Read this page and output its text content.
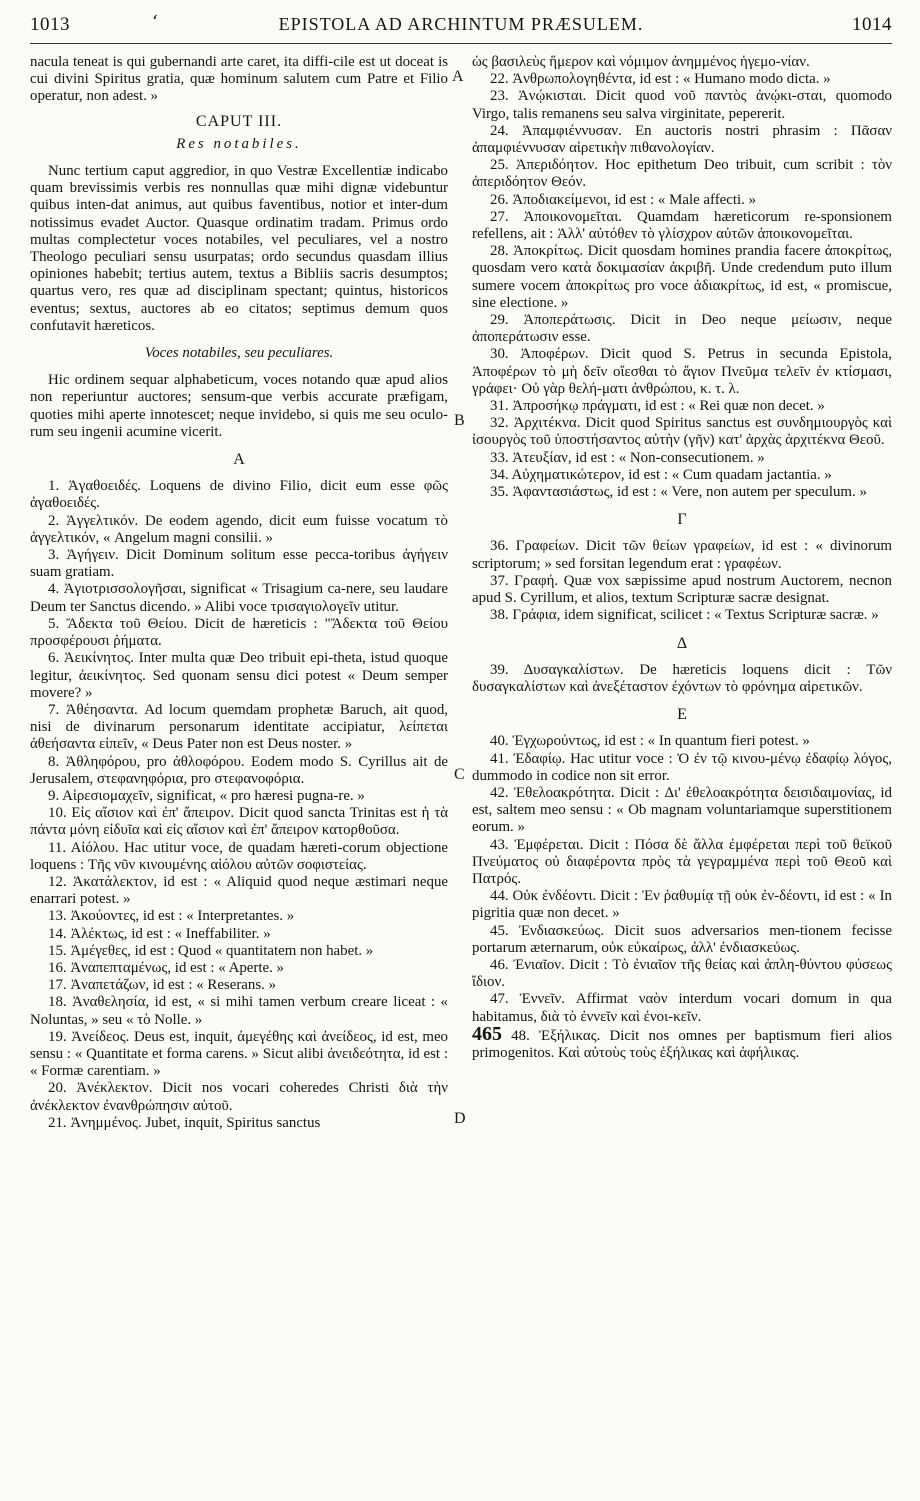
1013	ʻ	EPISTOLA AD ARCHINTUM PRÆSULEM.	1014
A
B
C
D

nacula teneat is qui gubernandi arte caret, ita diffi-cile est ut doceat is cui divini Spiritus gratia, quæ hominum salutem cum Patre et Filio operatur, non adest. »

CAPUT III.

Res notabiles.

Nunc tertium caput aggredior, in quo Vestræ Excellentiæ indicabo quam brevissimis verbis res nonnullas quæ mihi dignæ videbuntur quibus inten-dat animus, aut quibus faventibus, notior et inter-dum notissimus evadet Auctor. Quasque ordinatim tradam. Primus ordo multas complectetur voces notabiles, vel peculiares, vel a nostro Theologo peculiari sensu usurpatas; ordo secundus quasdam illius opiniones habebit; tertius autem, textus a Bibliis sacris desumptos; quartus vero, res quæ ad disciplinam spectant; quintus, historicos eventus; sextus, auctores ab eo citatos; septimus demum quos confutavit hæreticos.

Voces notabiles, seu peculiares.

Hic ordinem sequar alphabeticum, voces notando quæ apud alios non reperiuntur auctores; sensum-que verbis accurate præfigam, quoties mihi aperte innotescet; neque invidebo, si quis me seu oculo-rum seu ingenii acumine vicerit.

A

1. Ἀγαθοειδές. Loquens de divino Filio, dicit eum esse φῶς ἀγαθοειδές.

2. Ἀγγελτικόν. De eodem agendo, dicit eum fuisse vocatum τὸ ἀγγελτικόν, « Angelum magni consilii. »

3. Ἀγήγειν. Dicit Dominum solitum esse pecca-toribus ἀγήγειν suam gratiam.

4. Ἀγιοτρισσολογῆσαι, significat « Trisagium ca-nere, seu laudare Deum ter Sanctus dicendo. » Alibi voce τρισαγιολογεῖν utitur.

5. Ἄδεκτα τοῦ Θείου. Dicit de hæreticis : "Ἄδεκτα τοῦ Θείου προσφέρουσι ῥήματα.

6. Ἀεικίνητος. Inter multa quæ Deo tribuit epi-theta, istud quoque legitur, ἀεικίνητος. Sed quonam sensu dici potest « Deum semper movere? »

7. Ἀθέησαντα. Ad locum quemdam prophetæ Baruch, ait quod, nisi de divinarum personarum identitate accipiatur, λείπεται ἀθεήσαντα εἰπεῖν, « Deus Pater non est Deus noster. »

8. Ἀθληφόρου, pro ἀθλοφόρου. Eodem modo S. Cyrillus ait de Jerusalem, στεφανηφόρια, pro στεφανοφόρια.

9. Αἱρεσιομαχεῖν, significat, « pro hæresi pugna-re. »

10. Εἰς αἴσιον καὶ ἐπ' ἄπειρον. Dicit quod sancta Trinitas est ἡ τὰ πάντα μόνη εἰδυῖα καὶ εἰς αἴσιον καὶ ἐπ' ἄπειρον κατορθοῦσα.

11. Αἰόλου. Hac utitur voce, de quadam hæreti-corum objectione loquens : Τῆς νῦν κινουμένης αἰόλου αὐτῶν σοφιστείας.

12. Ἀκατάλεκτον, id est : « Aliquid quod neque æstimari neque enarrari potest. »

13. Ἀκούοντες, id est : « Interpretantes. »

14. Ἀλέκτως, id est : « Ineffabiliter. »

15. Ἀμέγεθες, id est : Quod « quantitatem non habet. »

16. Ἀναπεπταμένως, id est : « Aperte. »

17. Ἀναπετάζων, id est : « Reserans. »

18. Ἀναθελησία, id est, « si mihi tamen verbum creare liceat : « Noluntas, » seu « τὸ Nolle. »

19. Ἀνείδεος. Deus est, inquit, ἀμεγέθης καὶ ἀνείδεος, id est, meo sensu : « Quantitate et forma carens. » Sicut alibi ἀνειδεότητα, id est : « Formæ carentiam. »

20. Ἀνέκλεκτον. Dicit nos vocari coheredes Christi διὰ τὴν ἀνέκλεκτον ἐνανθρώπησιν αὐτοῦ.

21. Ἀνημμένος. Jubet, inquit, Spiritus sanctus

ὡς βασιλεὺς ἥμερον καὶ νόμιμον ἀνημμένος ἡγεμο-νίαν.

22. Ἀνθρωπολογηθέντα, id est : « Humano modo dicta. »

23. Ἀνῴκισται. Dicit quod νοῦ παντὸς ἀνῴκι-σται, quomodo Virgo, talis remanens seu salva virginitate, pepererit.

24. Ἀπαμφιέννυσαν. En auctoris nostri phrasim : Πᾶσαν ἀπαμφιέννυσαν αἱρετικὴν πιθανολογίαν.

25. Ἀπεριδόητον. Hoc epithetum Deo tribuit, cum scribit : τὸν ἀπεριδόητον Θεόν.

26. Ἀποδιακείμενοι, id est : « Male affecti. »

27. Ἀποικονομεῖται. Quamdam hæreticorum re-sponsionem refellens, ait : Ἀλλ' αὐτόθεν τὸ γλίσχρον αὐτῶν ἀποικονομεῖται.

28. Ἀποκρίτως. Dicit quosdam homines prandia facere ἀποκρίτως, quosdam vero κατὰ δοκιμασίαν ἀκριβῆ. Unde credendum puto illum sumere vocem ἀποκρίτως pro voce ἀδιακρίτως, id est, « promiscue, sine electione. »

29. Ἀποπεράτωσις. Dicit in Deo neque μείωσιν, neque ἀποπεράτωσιν esse.

30. Ἀποφέρων. Dicit quod S. Petrus in secunda Epistola, Ἀποφέρων τὸ μὴ δεῖν οἴεσθαι τὸ ἅγιον Πνεῦμα τελεῖν ἐν κτίσμασι, γράφει· Οὐ γὰρ θελή-ματι ἀνθρώπου, κ. τ. λ.

31. Ἀπροσήκῳ πράγματι, id est : « Rei quæ non decet. »

32. Ἀρχιτέκνα. Dicit quod Spiritus sanctus est συνδημιουργὸς καὶ ἰσουργὸς τοῦ ὑποστήσαντος αὐτὴν (γῆν) κατ' ἀρχὰς ἀρχιτέκνα Θεοῦ.

33. Ἀτευξίαν, id est : « Non-consecutionem. »

34. Αὐχηματικώτερον, id est : « Cum quadam jactantia. »

35. Ἀφαντασιάστως, id est : « Vere, non autem per speculum. »

Γ

36. Γραφείων. Dicit τῶν θείων γραφείων, id est : « divinorum scriptorum; » sed forsitan legendum erat : γραφέων.

37. Γραφή. Quæ vox sæpissime apud nostrum Auctorem, necnon apud S. Cyrillum, et alios, textum Scripturæ sacræ designat.

38. Γράφια, idem significat, scilicet : « Textus Scripturæ sacræ. »

Δ

39. Δυσαγκαλίστων. De hæreticis loquens dicit : Τῶν δυσαγκαλίστων καὶ ἀνεξέταστον ἐχόντων τὸ φρόνημα αἱρετικῶν.

E

40. Ἐγχωρούντως, id est : « In quantum fieri potest. »

41. Ἐδαφίῳ. Hac utitur voce : Ὁ ἐν τῷ κινου-μένῳ ἐδαφίῳ λόγος, dummodo in codice non sit error.

42. Ἐθελοακρότητα. Dicit : Δι' ἐθελοακρότητα δεισιδαιμονίας, id est, saltem meo sensu : « Ob magnam voluntariamque superstitionem eorum. »

43. Ἐμφέρεται. Dicit : Πόσα δὲ ἄλλα ἐμφέρεται περὶ τοῦ θεϊκοῦ Πνεύματος οὐ διαφέροντα πρὸς τὰ γεγραμμένα περὶ τοῦ Θεοῦ καὶ Πατρός.

44. Οὐκ ἐνδέοντι. Dicit : Ἐν ῥαθυμίᾳ τῇ οὐκ ἐν-δέοντι, id est : « In pigritia quæ non decet. »

45. Ἐνδιασκεύως. Dicit suos adversarios men-tionem fecisse portarum æternarum, οὐκ εὐκαίρως, ἀλλ' ἐνδιασκεύως.

46. Ἐνιαῖον. Dicit : Τὸ ἐνιαῖον τῆς θείας καὶ ἁπλη-θύντου φύσεως ἴδιον.

47. Ἐννεῖν. Affirmat ναὸν interdum vocari domum in qua habitamus, διὰ τὸ ἐννεῖν καὶ ἐνοι-κεῖν.

465 48. Ἐξήλικας. Dicit nos omnes per baptismum fieri alios primogenitos. Καὶ αὐτοὺς τοὺς ἐξήλικας καὶ ἀφήλικας.
